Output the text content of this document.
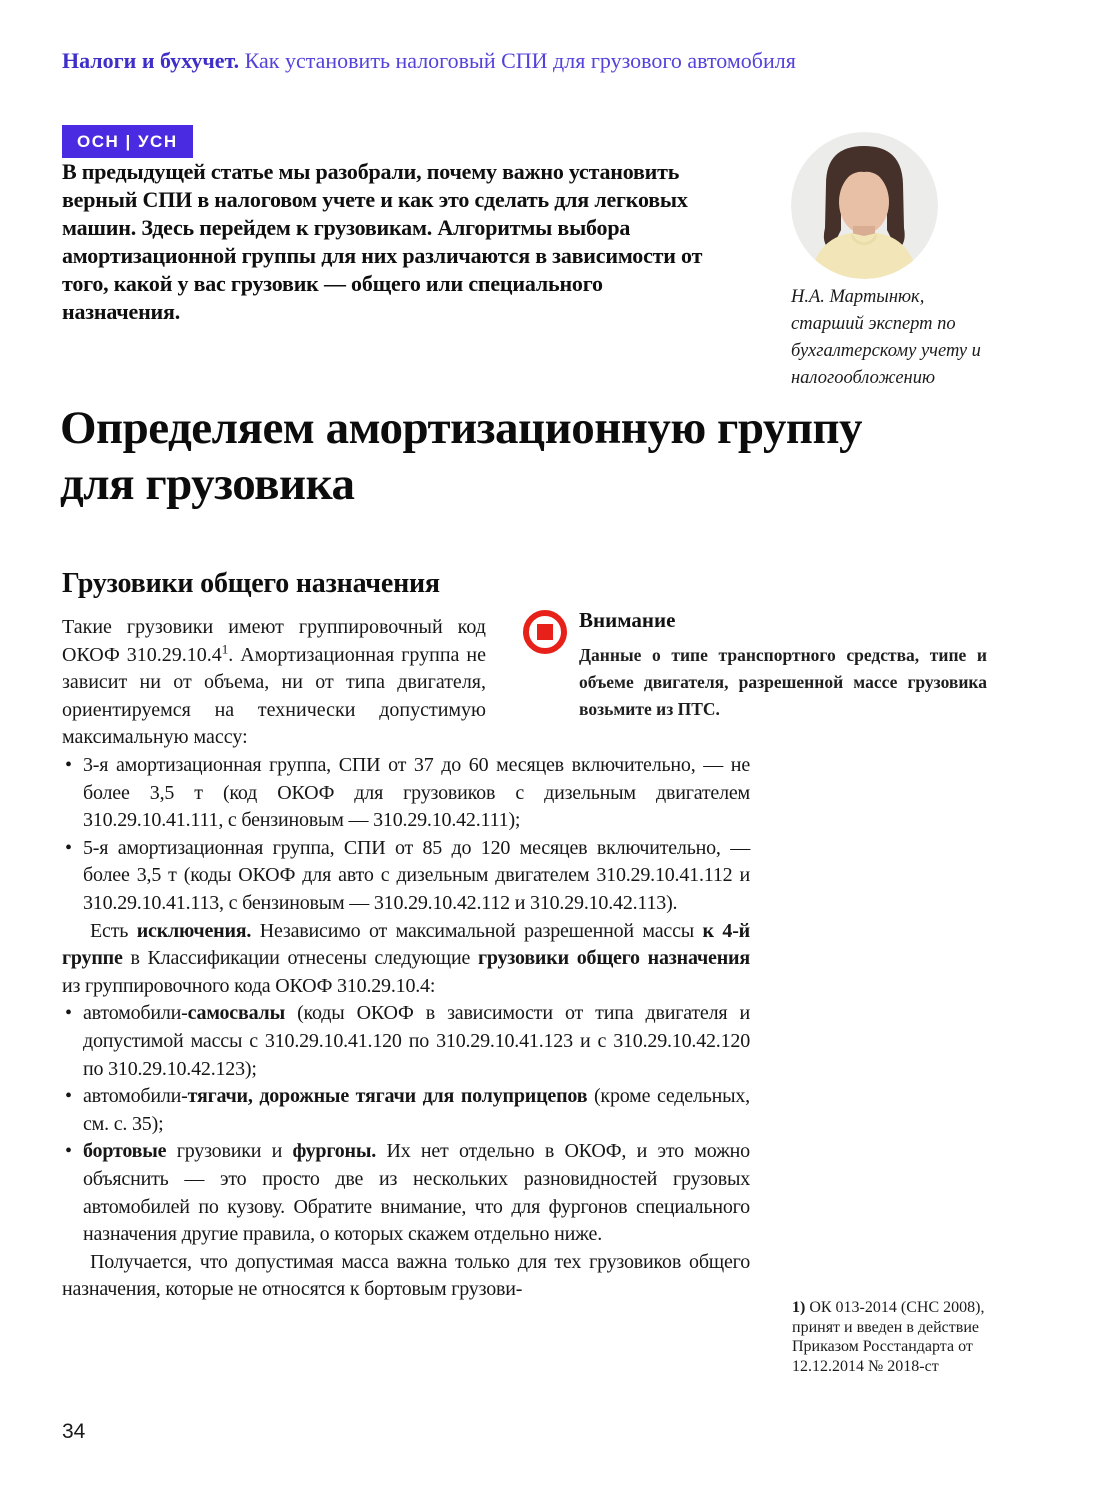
Налоги и бухучет. Как установить налоговый СПИ для грузового автомобиля
ОСН | УСН

В предыдущей статье мы разобрали, почему важно установить верный СПИ в налоговом учете и как это сделать для легковых машин. Здесь перейдем к грузовикам. Алгоритмы выбора амортизационной группы для них различаются в зависимости от того, какой у вас грузовик — общего или специального назначения.

Н.А. Мартынюк,
старший эксперт по бухгалтерскому учету и налогообложению
Определяем амортизационную группу для грузовика
Грузовики общего назначения

Такие грузовики имеют группировочный код ОКОФ 310.29.10.4$^1$. Амортизационная группа не зависит ни от объема, ни от типа двигателя, ориентируемся на технически допустимую максимальную массу:

Внимание
Данные о типе транспортного средства, типе и объеме двигателя, разрешенной массе грузовика возьмите из ПТС.
• 3-я амортизационная группа, СПИ от 37 до 60 месяцев включительно, — не более 3,5 т (код ОКОФ для грузовиков с дизельным двигателем 310.29.10.41.111, с бензиновым — 310.29.10.42.111);
• 5-я амортизационная группа, СПИ от 85 до 120 месяцев включительно, — более 3,5 т (коды ОКОФ для авто с дизельным двигателем 310.29.10.41.112 и 310.29.10.41.113, с бензиновым — 310.29.10.42.112 и 310.29.10.42.113).

Есть исключения. Независимо от максимальной разрешенной массы к 4-й группе в Классификации отнесены следующие грузовики общего назначения из группировочного кода ОКОФ 310.29.10.4:

• автомобили-самосвалы (коды ОКОФ в зависимости от типа двигателя и допустимой массы с 310.29.10.41.120 по 310.29.10.41.123 и с 310.29.10.42.120 по 310.29.10.42.123);
• автомобили-тягачи, дорожные тягачи для полуприцепов (кроме седельных, см. с. 35);
• бортовые грузовики и фургоны. Их нет отдельно в ОКОФ, и это можно объяснить — это просто две из нескольких разновидностей грузовых автомобилей по кузову. Обратите внимание, что для фургонов специального назначения другие правила, о которых скажем отдельно ниже.

Получается, что допустимая масса важна только для тех грузовиков общего назначения, которые не относятся к бортовым грузови-

1) ОК 013-2014 (СНС 2008), принят и введен в действие Приказом Росстандарта от 12.12.2014 № 2018-ст
34
